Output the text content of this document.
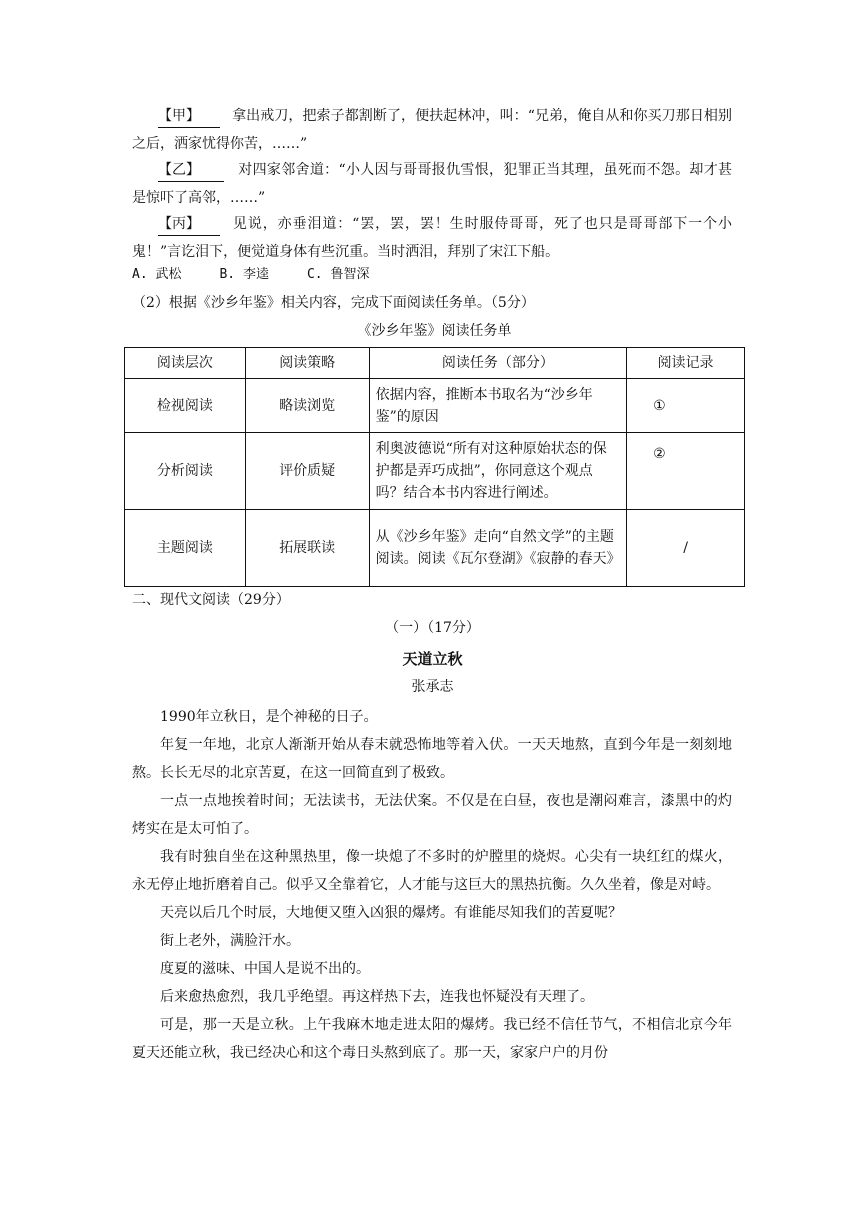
【甲】 拿出戒刀，把索子都割断了，便扶起林冲，叫：“兄弟，俺自从和你买刀那日相别之后，洒家忧得你苦，……”
【乙】	对四家邻舍道：“小人因与哥哥报仇雪恨，犯罪正当其理，虽死而不怨。却才甚是惊吓了高邻，……”
【丙】 见说，亦垂泪道：“罢，罢，罢！生时服侍哥哥，死了也只是哥哥部下一个小鬼！”言讫泪下，便觉道身体有些沉重。当时洒泪，拜别了宋江下船。
A. 武松	B. 李逵	C. 鲁智深
（2）根据《沙乡年鉴》相关内容，完成下面阅读任务单。（5分）
《沙乡年鉴》阅读任务单
阅读层次	阅读策略	阅读任务（部分）	阅读记录
检视阅读	略读浏览	依据内容，推断本书取名为“沙乡年鉴”的原因	①
分析阅读	评价质疑	利奥波德说“所有对这种原始状态的保护都是弄巧成拙”，你同意这个观点吗？结合本书内容进行阐述。	②
主题阅读	拓展联读	从《沙乡年鉴》走向“自然文学”的主题阅读。阅读《瓦尔登湖》《寂静的春天》	/
二、现代文阅读（29分）
（一）（17分）
天道立秋
张承志

1990年立秋日，是个神秘的日子。

年复一年地，北京人渐渐开始从春末就恐怖地等着入伏。一天天地熬，直到今年是一刻刻地熬。长长无尽的北京苦夏，在这一回简直到了极致。

一点一点地挨着时间；无法读书，无法伏案。不仅是在白昼，夜也是潮闷难言，漆黑中的灼烤实在是太可怕了。

我有时独自坐在这种黑热里，像一块熄了不多时的炉膛里的烧烬。心尖有一块红红的煤火，永无停止地折磨着自己。似乎又全靠着它，人才能与这巨大的黑热抗衡。久久坐着，像是对峙。

天亮以后几个时辰，大地便又堕入凶狠的爆烤。有谁能尽知我们的苦夏呢？

街上老外，满脸汗水。

度夏的滋味、中国人是说不出的。

后来愈热愈烈，我几乎绝望。再这样热下去，连我也怀疑没有天理了。

可是，那一天是立秋。上午我麻木地走进太阳的爆烤。我已经不信任节气，不相信北京今年夏天还能立秋，我已经决心和这个毒日头熬到底了。那一天，家家户户的月份
